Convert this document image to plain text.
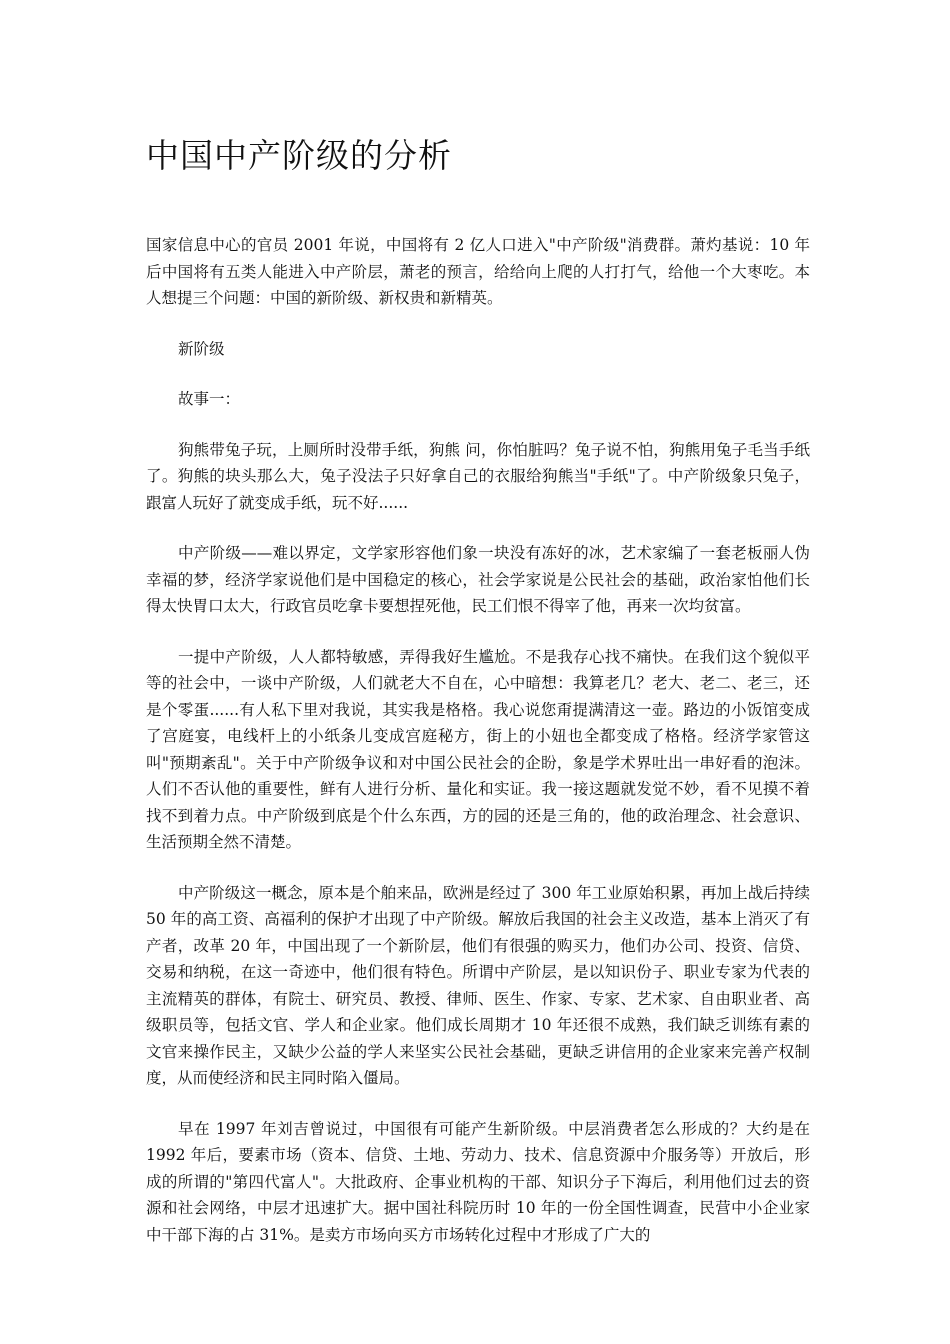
中国中产阶级的分析

国家信息中心的官员 2001 年说，中国将有 2 亿人口进入"中产阶级"消费群。萧灼基说：10 年后中国将有五类人能进入中产阶层，萧老的预言，给给向上爬的人打打气，给他一个大枣吃。本人想提三个问题：中国的新阶级、新权贵和新精英。

新阶级

故事一：

狗熊带兔子玩，上厕所时没带手纸，狗熊 问，你怕脏吗？兔子说不怕，狗熊用兔子毛当手纸了。狗熊的块头那么大，兔子没法子只好拿自己的衣服给狗熊当"手纸"了。中产阶级象只兔子，跟富人玩好了就变成手纸，玩不好......

中产阶级——难以界定，文学家形容他们象一块没有冻好的冰，艺术家编了一套老板丽人伪幸福的梦，经济学家说他们是中国稳定的核心，社会学家说是公民社会的基础，政治家怕他们长得太快胃口太大，行政官员吃拿卡要想捏死他，民工们恨不得宰了他，再来一次均贫富。

一提中产阶级，人人都特敏感，弄得我好生尴尬。不是我存心找不痛快。在我们这个貌似平等的社会中，一谈中产阶级，人们就老大不自在，心中暗想：我算老几？老大、老二、老三，还是个零蛋......有人私下里对我说，其实我是格格。我心说您甭提满清这一壶。路边的小饭馆变成了宫庭宴，电线杆上的小纸条儿变成宫庭秘方，街上的小妞也全都变成了格格。经济学家管这叫"预期紊乱"。关于中产阶级争议和对中国公民社会的企盼，象是学术界吐出一串好看的泡沫。人们不否认他的重要性，鲜有人进行分析、量化和实证。我一接这题就发觉不妙，看不见摸不着找不到着力点。中产阶级到底是个什么东西，方的园的还是三角的，他的政治理念、社会意识、生活预期全然不清楚。

中产阶级这一概念，原本是个舶来品，欧洲是经过了 300 年工业原始积累，再加上战后持续 50 年的高工资、高福利的保护才出现了中产阶级。解放后我国的社会主义改造，基本上消灭了有产者，改革 20 年，中国出现了一个新阶层，他们有很强的购买力，他们办公司、投资、信贷、交易和纳税，在这一奇迹中，他们很有特色。所谓中产阶层，是以知识份子、职业专家为代表的主流精英的群体，有院士、研究员、教授、律师、医生、作家、专家、艺术家、自由职业者、高级职员等，包括文官、学人和企业家。他们成长周期才 10 年还很不成熟，我们缺乏训练有素的文官来操作民主，又缺少公益的学人来坚实公民社会基础，更缺乏讲信用的企业家来完善产权制度，从而使经济和民主同时陷入僵局。

早在 1997 年刘吉曾说过，中国很有可能产生新阶级。中层消费者怎么形成的？大约是在 1992 年后，要素市场（资本、信贷、土地、劳动力、技术、信息资源中介服务等）开放后，形成的所谓的"第四代富人"。大批政府、企事业机构的干部、知识分子下海后，利用他们过去的资源和社会网络，中层才迅速扩大。据中国社科院历时 10 年的一份全国性调查，民营中小企业家中干部下海的占 31%。是卖方市场向买方市场转化过程中才形成了广大的
